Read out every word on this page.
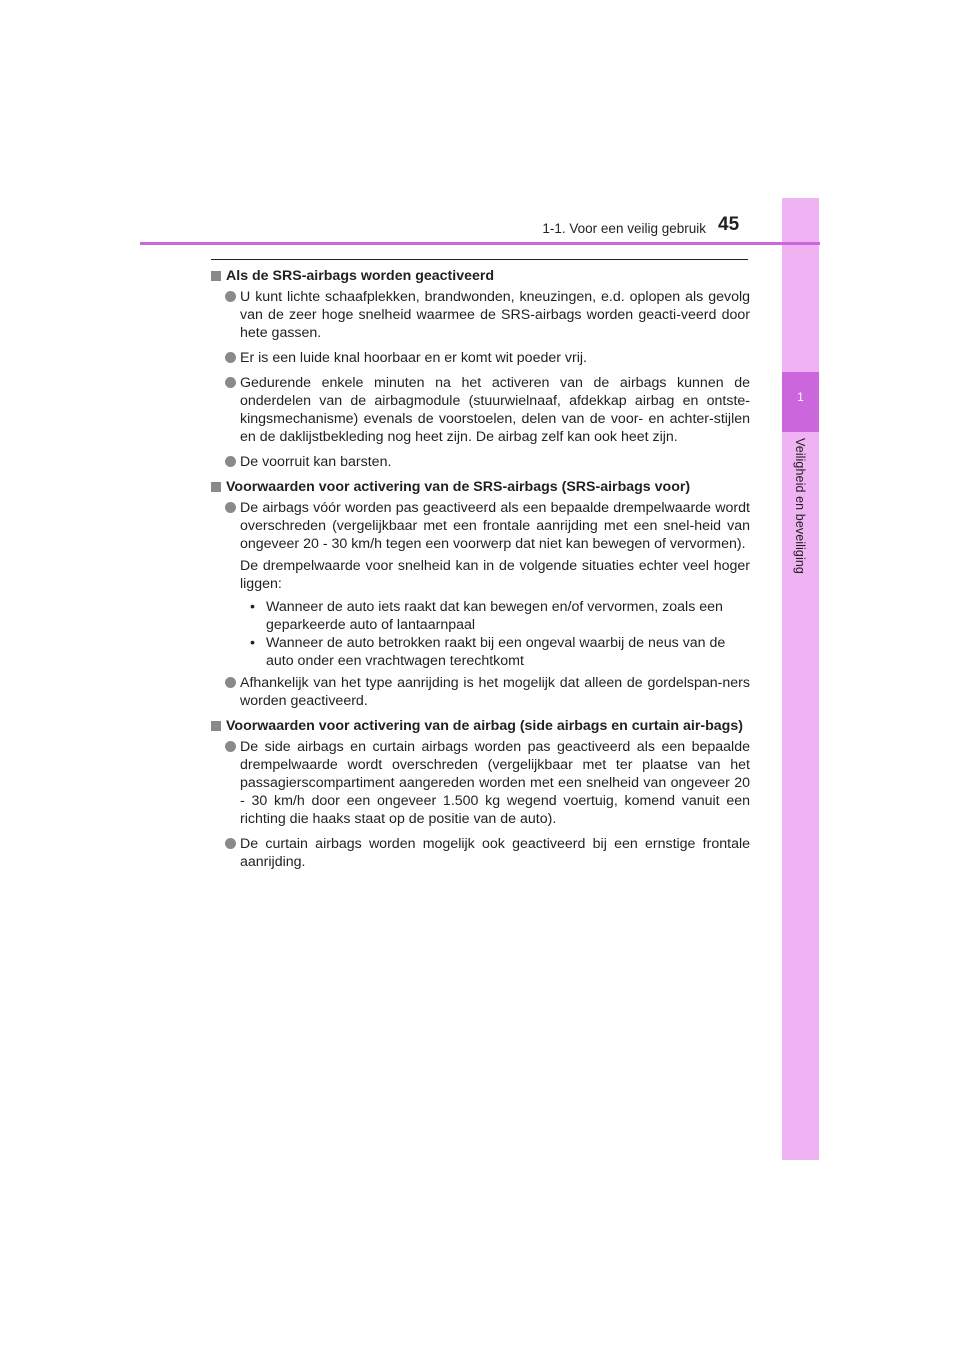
1
Veiligheid en beveiliging
1-1. Voor een veilig gebruik 45
Als de SRS-airbags worden geactiveerd
U kunt lichte schaafplekken, brandwonden, kneuzingen, e.d. oplopen als gevolg van de zeer hoge snelheid waarmee de SRS-airbags worden geacti-veerd door hete gassen.
Er is een luide knal hoorbaar en er komt wit poeder vrij.
Gedurende enkele minuten na het activeren van de airbags kunnen de onderdelen van de airbagmodule (stuurwielnaaf, afdekkap airbag en ontste-kingsmechanisme) evenals de voorstoelen, delen van de voor- en achter-stijlen en de daklijstbekleding nog heet zijn. De airbag zelf kan ook heet zijn.
De voorruit kan barsten.
Voorwaarden voor activering van de SRS-airbags (SRS-airbags voor)
De airbags vóór worden pas geactiveerd als een bepaalde drempelwaarde wordt overschreden (vergelijkbaar met een frontale aanrijding met een snel-heid van ongeveer 20 - 30 km/h tegen een voorwerp dat niet kan bewegen of vervormen).
De drempelwaarde voor snelheid kan in de volgende situaties echter veel hoger liggen:
• Wanneer de auto iets raakt dat kan bewegen en/of vervormen, zoals een geparkeerde auto of lantaarnpaal
• Wanneer de auto betrokken raakt bij een ongeval waarbij de neus van de auto onder een vrachtwagen terechtkomt
Afhankelijk van het type aanrijding is het mogelijk dat alleen de gordelspan-ners worden geactiveerd.
Voorwaarden voor activering van de airbag (side airbags en curtain air-bags)
De side airbags en curtain airbags worden pas geactiveerd als een bepaalde drempelwaarde wordt overschreden (vergelijkbaar met ter plaatse van het passagierscompartiment aangereden worden met een snelheid van ongeveer 20 - 30 km/h door een ongeveer 1.500 kg wegend voertuig, komend vanuit een richting die haaks staat op de positie van de auto).
De curtain airbags worden mogelijk ook geactiveerd bij een ernstige frontale aanrijding.
